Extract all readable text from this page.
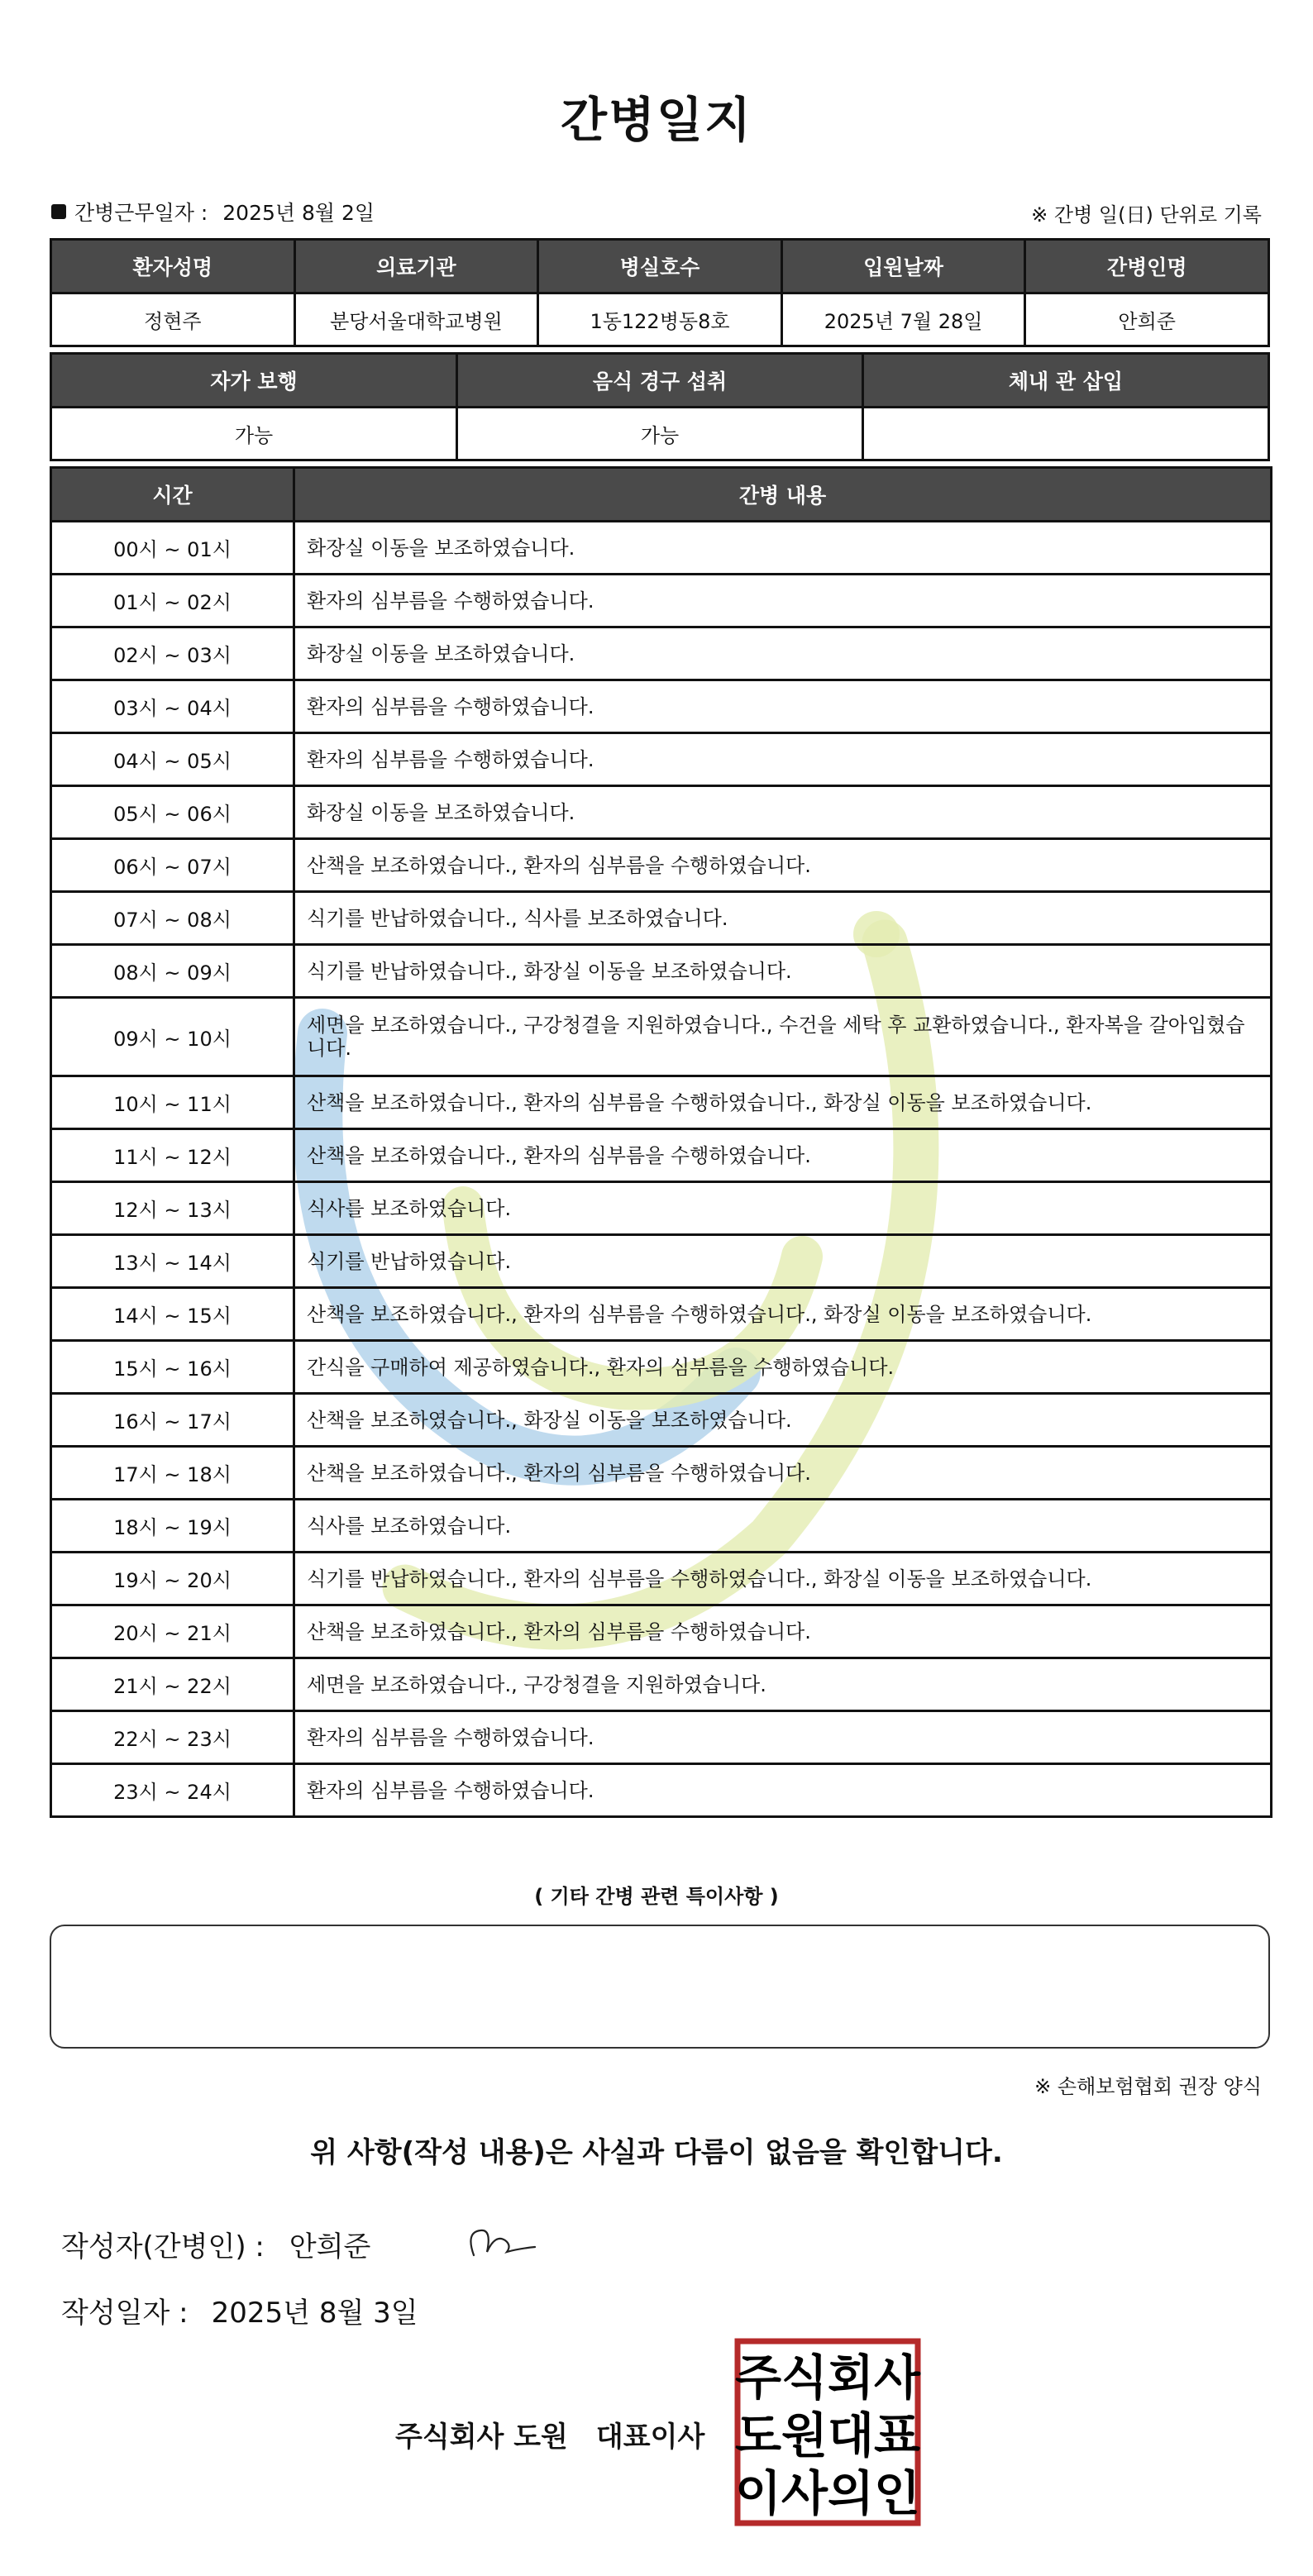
간병일지
간병근무일자 : 2025년 8월 2일	※ 간병 일(日) 단위로 기록
환자성명	의료기관	병실호수	입원날짜	간병인명
정현주	분당서울대학교병원	1동122병동8호	2025년 7월 28일	안희준
자가 보행	음식 경구 섭취	체내 관 삽입
가능	가능	
시간	간병 내용
00시 ~ 01시	화장실 이동을 보조하였습니다.
01시 ~ 02시	환자의 심부름을 수행하였습니다.
02시 ~ 03시	화장실 이동을 보조하였습니다.
03시 ~ 04시	환자의 심부름을 수행하였습니다.
04시 ~ 05시	환자의 심부름을 수행하였습니다.
05시 ~ 06시	화장실 이동을 보조하였습니다.
06시 ~ 07시	산책을 보조하였습니다., 환자의 심부름을 수행하였습니다.
07시 ~ 08시	식기를 반납하였습니다., 식사를 보조하였습니다.
08시 ~ 09시	식기를 반납하였습니다., 화장실 이동을 보조하였습니다.
09시 ~ 10시	세면을 보조하였습니다., 구강청결을 지원하였습니다., 수건을 세탁 후 교환하였습니다., 환자복을 갈아입혔습니다.
10시 ~ 11시	산책을 보조하였습니다., 환자의 심부름을 수행하였습니다., 화장실 이동을 보조하였습니다.
11시 ~ 12시	산책을 보조하였습니다., 환자의 심부름을 수행하였습니다.
12시 ~ 13시	식사를 보조하였습니다.
13시 ~ 14시	식기를 반납하였습니다.
14시 ~ 15시	산책을 보조하였습니다., 환자의 심부름을 수행하였습니다., 화장실 이동을 보조하였습니다.
15시 ~ 16시	간식을 구매하여 제공하였습니다., 환자의 심부름을 수행하였습니다.
16시 ~ 17시	산책을 보조하였습니다., 화장실 이동을 보조하였습니다.
17시 ~ 18시	산책을 보조하였습니다., 환자의 심부름을 수행하였습니다.
18시 ~ 19시	식사를 보조하였습니다.
19시 ~ 20시	식기를 반납하였습니다., 환자의 심부름을 수행하였습니다., 화장실 이동을 보조하였습니다.
20시 ~ 21시	산책을 보조하였습니다., 환자의 심부름을 수행하였습니다.
21시 ~ 22시	세면을 보조하였습니다., 구강청결을 지원하였습니다.
22시 ~ 23시	환자의 심부름을 수행하였습니다.
23시 ~ 24시	환자의 심부름을 수행하였습니다.
( 기타 간병 관련 특이사항 )
※ 손해보험협회 권장 양식
위 사항(작성 내용)은 사실과 다름이 없음을 확인합니다.
작성자(간병인) : 안희준
작성일자 : 2025년 8월 3일
주식회사 도원 대표이사
주식회사
도원대표
이사의인
